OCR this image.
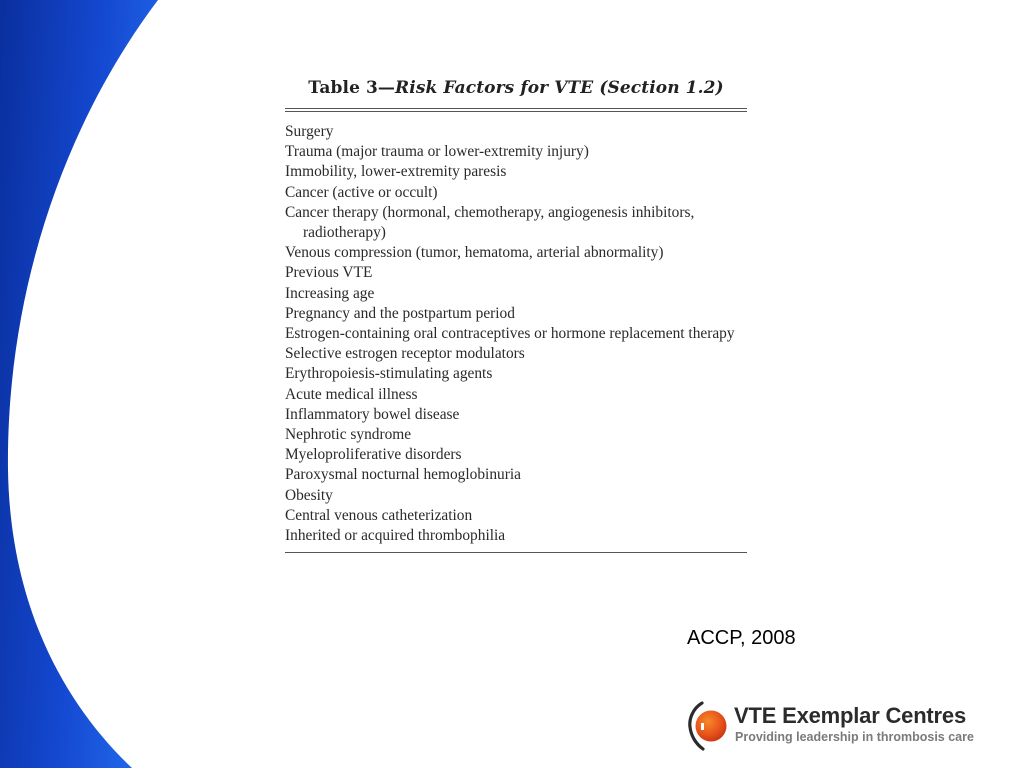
Table 3—Risk Factors for VTE (Section 1.2)
Surgery
Trauma (major trauma or lower-extremity injury)
Immobility, lower-extremity paresis
Cancer (active or occult)
Cancer therapy (hormonal, chemotherapy, angiogenesis inhibitors, radiotherapy)
Venous compression (tumor, hematoma, arterial abnormality)
Previous VTE
Increasing age
Pregnancy and the postpartum period
Estrogen-containing oral contraceptives or hormone replacement therapy
Selective estrogen receptor modulators
Erythropoiesis-stimulating agents
Acute medical illness
Inflammatory bowel disease
Nephrotic syndrome
Myeloproliferative disorders
Paroxysmal nocturnal hemoglobinuria
Obesity
Central venous catheterization
Inherited or acquired thrombophilia
ACCP, 2008
VTE Exemplar Centres
Providing leadership in thrombosis care
